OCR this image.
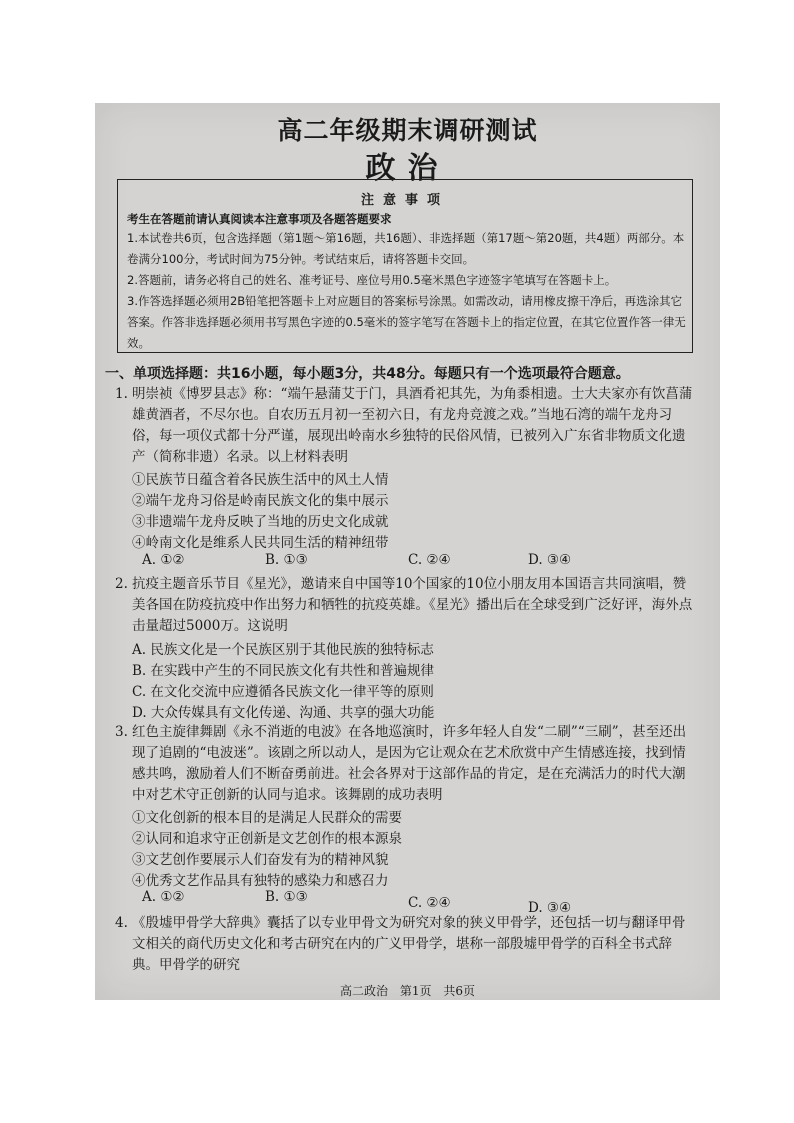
高二年级期末调研测试
政治
注意事项
考生在答题前请认真阅读本注意事项及各题答题要求
1.本试卷共6页，包含选择题（第1题～第16题，共16题）、非选择题（第17题～第20题，共4题）两部分。本卷满分100分，考试时间为75分钟。考试结束后，请将答题卡交回。
2.答题前，请务必将自己的姓名、准考证号、座位号用0.5毫米黑色字迹签字笔填写在答题卡上。
3.作答选择题必须用2B铅笔把答题卡上对应题目的答案标号涂黑。如需改动，请用橡皮擦干净后，再选涂其它答案。作答非选择题必须用书写黑色字迹的0.5毫米的签字笔写在答题卡上的指定位置，在其它位置作答一律无效。
一、单项选择题：共16小题，每小题3分，共48分。每题只有一个选项最符合题意。
1. 明崇祯《博罗县志》称：“端午悬蒲艾于门，具酒肴祀其先，为角黍相遗。士大夫家亦有饮菖蒲雄黄酒者，不尽尔也。自农历五月初一至初六日，有龙舟竞渡之戏。”当地石湾的端午龙舟习俗，每一项仪式都十分严谨，展现出岭南水乡独特的民俗风情，已被列入广东省非物质文化遗产（简称非遗）名录。以上材料表明
①民族节日蕴含着各民族生活中的风土人情
②端午龙舟习俗是岭南民族文化的集中展示
③非遗端午龙舟反映了当地的历史文化成就
④岭南文化是维系人民共同生活的精神纽带
A. ①②	B. ①③	C. ②④	D. ③④
2. 抗疫主题音乐节目《星光》，邀请来自中国等10个国家的10位小朋友用本国语言共同演唱，赞美各国在防疫抗疫中作出努力和牺牲的抗疫英雄。《星光》播出后在全球受到广泛好评，海外点击量超过5000万。这说明
A. 民族文化是一个民族区别于其他民族的独特标志
B. 在实践中产生的不同民族文化有共性和普遍规律
C. 在文化交流中应遵循各民族文化一律平等的原则
D. 大众传媒具有文化传递、沟通、共享的强大功能
3. 红色主旋律舞剧《永不消逝的电波》在各地巡演时，许多年轻人自发“二刷”“三刷”，甚至还出现了追剧的“电波迷”。该剧之所以动人，是因为它让观众在艺术欣赏中产生情感连接，找到情感共鸣，激励着人们不断奋勇前进。社会各界对于这部作品的肯定，是在充满活力的时代大潮中对艺术守正创新的认同与追求。该舞剧的成功表明
①文化创新的根本目的是满足人民群众的需要
②认同和追求守正创新是文艺创作的根本源泉
③文艺创作要展示人们奋发有为的精神风貌
④优秀文艺作品具有独特的感染力和感召力
A. ①②	B. ①③	C. ②④	D. ③④
4. 《殷墟甲骨学大辞典》囊括了以专业甲骨文为研究对象的狭义甲骨学，还包括一切与翻译甲骨文相关的商代历史文化和考古研究在内的广义甲骨学，堪称一部殷墟甲骨学的百科全书式辞典。甲骨学的研究
高二政治 第1页 共6页
